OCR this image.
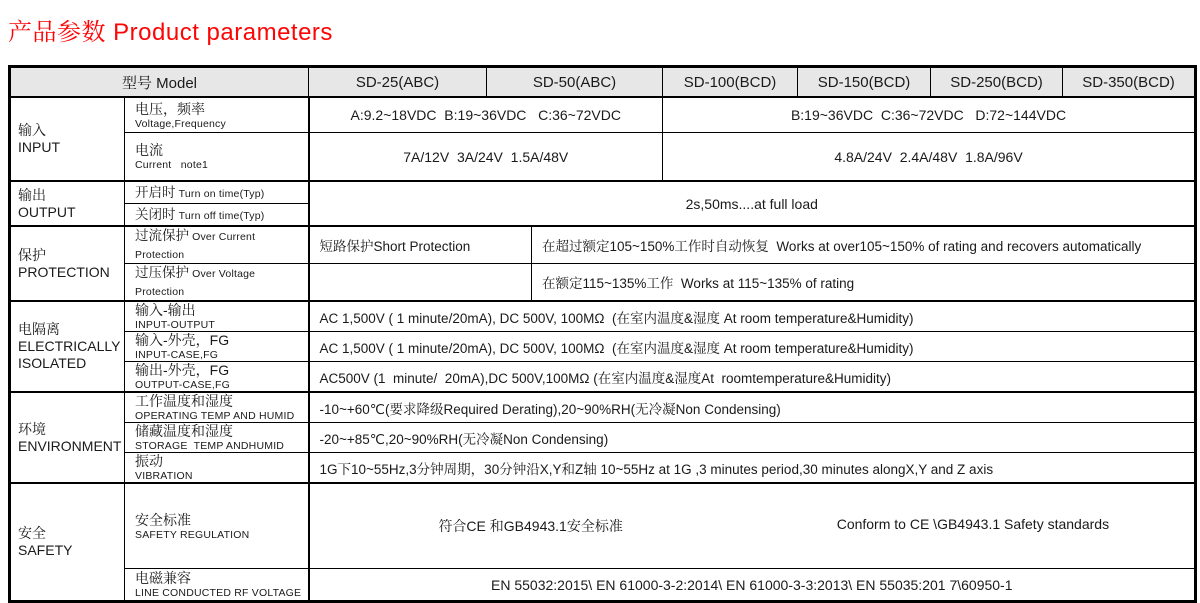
产品参数 Product parameters
型号 Model		SD-25(ABC)	SD-50(ABC)		SD-100(BCD)	SD-150(BCD)	SD-250(BCD)	SD-350(BCD)

输入
INPUT	电压，频率
Voltage,Frequency	A:9.2~18VDC  B:19~36VDC   C:36~72VDC			B:19~36VDC  C:36~72VDC   D:72~144VDC			

	电流
Current   note1	7A/12V  3A/24V  1.5A/48V			4.8A/24V  2.4A/48V  1.8A/96V			

输出
OUTPUT	开启时 Turn on time(Typ)	2s,50ms....at full load						
	关闭时 Turn off time(Typ)							

保护
PROTECTION	过流保护 Over Current Protection	短路保护Short Protection		在超过额定105~150%工作时自动恢复  Works at over105~150% of rating and recovers automatically				
	过压保护 Over Voltage Protection			在额定115~135%工作  Works at 115~135% of rating				

电隔离
ELECTRICALLY ISOLATED	输入-输出
INPUT-OUTPUT	AC 1,500V ( 1 minute/20mA), DC 500V, 100MΩ  (在室内温度&湿度 At room temperature&Humidity)						

	输入-外壳，FG
INPUT-CASE,FG	AC 1,500V ( 1 minute/20mA), DC 500V, 100MΩ  (在室内温度&湿度 At room temperature&Humidity)						

	输出-外壳，FG
OUTPUT-CASE,FG	AC500V (1  minute/  20mA),DC 500V,100MΩ (在室内温度&湿度At  roomtemperature&Humidity)						

环境
ENVIRONMENT	工作温度和湿度
OPERATING TEMP AND HUMID	-10~+60℃(要求降级Required Derating),20~90%RH(无冷凝Non Condensing)						

	储藏温度和湿度
STORAGE  TEMP ANDHUMID	-20~+85℃,20~90%RH(无冷凝Non Condensing)						

	振动
VIBRATION	1G下10~55Hz,3分钟周期，30分钟沿X,Y和Z轴 10~55Hz at 1G ,3 minutes period,30 minutes alongX,Y and Z axis						

安全
SAFETY	安全标准
SAFETY REGULATION	符合CE 和GB4943.1安全标准 Conform to CE \GB4943.1 Safety standards						

	电磁兼容
LINE CONDUCTED RF VOLTAGE	EN 55032:2015\ EN 61000-3-2:2014\ EN 61000-3-3:2013\ EN 55035:201 7\60950-1						
